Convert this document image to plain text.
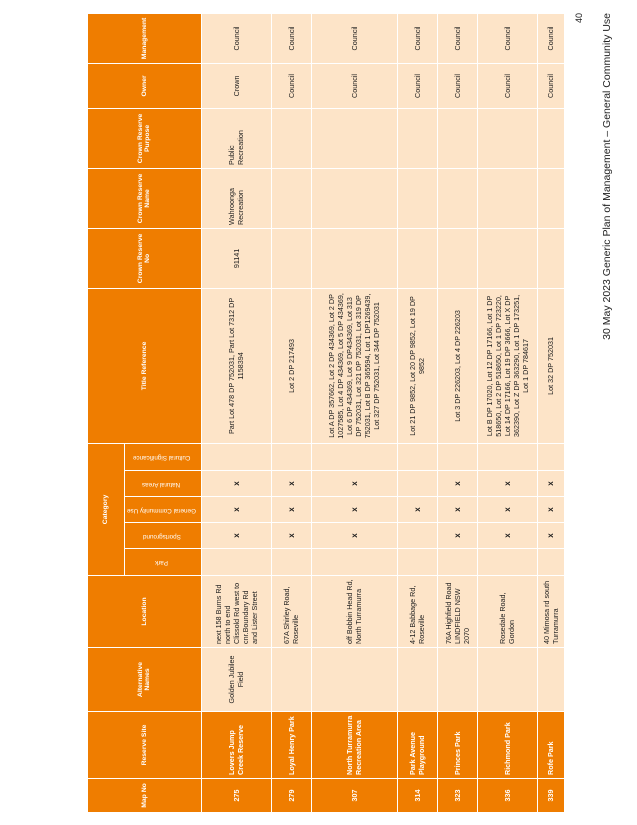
Map No	Reserve Site	Alternative Names	Location	Category					Title Reference	Crown Reserve No	Crown Reserve Name	Crown Reserve Purpose	Owner	Management
				Park	Sportsground	General Community Use	Natural Areas	Cultural Significance						
275	Lovers Jump Creek Reserve	Golden Jubilee Field	next 158 Burns Rd north to end Clissold Rd west to cnr.Boundary Rd and Lister Street		x	x	x		Part Lot 478 DP 752031, Part Lot 7312 DP 1158394	91141	Wahroonga Recreation	Public Recreation	Crown	Council
279	Loyal Henry Park		67A Shirley Road, Roseville		x	x	x		Lot 2 DP 217493				Council	Council
307	North Turramurra Recreation Area		off Bobbin Head Rd, North Turramurra		x	x	x		Lot A DP 357662, Lot 2 DP 434369, Lot 2 DP 1027585, Lot 4 DP 434369, Lot 5 DP 434369, Lot 6 DP 434369, Lot 9 DP434369, Lot 313 DP 752031, Lot 321 DP 752031, Lot 319 DP 752031, Lot B DP 365594, Lot 1 DP1269439, Lot 327 DP 752031, Lot 344 DP 752031				Council	Council
314	Park Avenue Playground		4-12 Babbage Rd, Roseville			x			Lot 21 DP 9852, Lot 20 DP 9852, Lot 19 DP 9852				Council	Council
323	Princes Park		76A Highfield Road LINDFIELD NSW 2070		x	x	x		Lot 3 DP 226203, Lot 4 DP 226203				Council	Council
336	Richmond Park		Rosedale Road, Gordon		x	x	x		Lot B DP 17020, Lot 12 DP 17166, Lot 1 DP 518650, Lot 2 DP 518650, Lot 1 DP 723220, Lot 14 DP 17166, Lot 19 DP 3666, Lot X DP 362390, Lot Z DP 363290, Lot 1 DP 173251, Lot 1 DP 784617				Council	Council
339	Rofe Park		40 Mimosa rd south Turramurra		x	x	x		Lot 32 DP 752031				Council	Council
40 30 May 2023 Generic Plan of Management – General Community Use
